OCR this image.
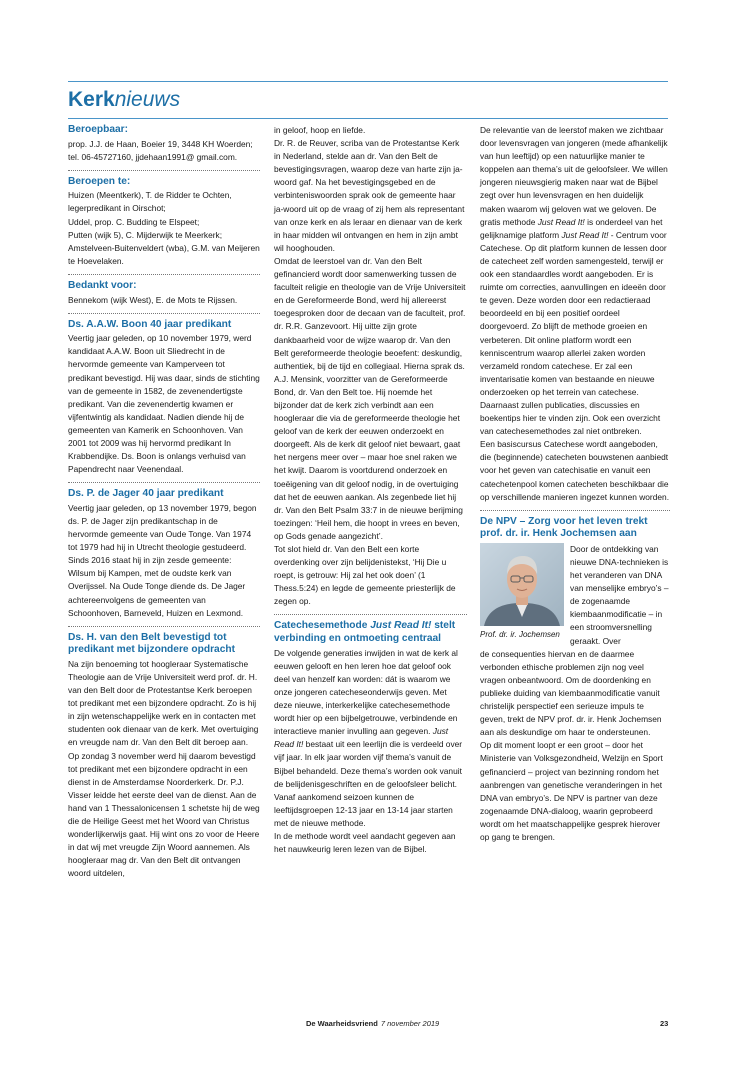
Kerknieuws
Beroepbaar:

prop. J.J. de Haan, Boeier 19, 3448 KH Woerden; tel. 06-45727160, jjdehaan1991@ gmail.com.

Beroepen te:

Huizen (Meentkerk), T. de Ridder te Ochten, legerpredikant in Oirschot;

Uddel, prop. C. Budding te Elspeet;

Putten (wijk 5), C. Mijderwijk te Meerkerk;

Amstelveen-Buitenveldert (wba), G.M. van Meijeren te Hoevelaken.

Bedankt voor:

Bennekom (wijk West), E. de Mots te Rijssen.

Ds. A.A.W. Boon 40 jaar predikant

Veertig jaar geleden, op 10 november 1979, werd kandidaat A.A.W. Boon uit Sliedrecht in de hervormde gemeente van Kamperveen tot predikant bevestigd. Hij was daar, sinds de stichting van de gemeente in 1582, de zevenendertigste predikant. Van die zevenendertig kwamen er vijfentwintig als kandidaat. Nadien diende hij de gemeenten van Kamerik en Schoonhoven. Van 2001 tot 2009 was hij hervormd predikant In Krabbendijke. Ds. Boon is onlangs verhuisd van Papendrecht naar Veenendaal.

Ds. P. de Jager 40 jaar predikant

Veertig jaar geleden, op 13 november 1979, begon ds. P. de Jager zijn predikantschap in de hervormde gemeente van Oude Tonge. Van 1974 tot 1979 had hij in Utrecht theologie gestudeerd. Sinds 2016 staat hij in zijn zesde gemeente: Wilsum bij Kampen, met de oudste kerk van Overijssel. Na Oude Tonge diende ds. De Jager achtereenvolgens de gemeenten van Schoonhoven, Barneveld, Huizen en Lexmond.

Ds. H. van den Belt bevestigd tot predikant met bijzondere opdracht

Na zijn benoeming tot hoogleraar Systematische Theologie aan de Vrije Universiteit werd prof. dr. H. van den Belt door de Protestantse Kerk beroepen tot predikant met een bijzondere opdracht. Zo is hij in zijn wetenschappelijke werk en in contacten met studenten ook dienaar van de kerk. Met overtuiging en vreugde nam dr. Van den Belt dit beroep aan. Op zondag 3 november werd hij daarom bevestigd tot predikant met een bijzondere opdracht in een dienst in de Amsterdamse Noorderkerk. Dr. P.J. Visser leidde het eerste deel van de dienst. Aan de hand van 1 Thessalonicensen 1 schetste hij de weg die de Heilige Geest met het Woord van Christus wonderlijkerwijs gaat. Hij wint ons zo voor de Heere in dat wij met vreugde Zijn Woord aannemen. Als hoogleraar mag dr. Van den Belt dit ontvangen woord uitdelen,

in geloof, hoop en liefde.
Dr. R. de Reuver, scriba van de Protestantse Kerk in Nederland, stelde aan dr. Van den Belt de bevestigingsvragen, waarop deze van harte zijn ja-woord gaf. Na het bevestigingsgebed en de verbinteniswoorden sprak ook de gemeente haar ja-woord uit op de vraag of zij hem als representant van onze kerk en als leraar en dienaar van de kerk in haar midden wil ontvangen en hem in zijn ambt wil hooghouden.
Omdat de leerstoel van dr. Van den Belt gefinancierd wordt door samenwerking tussen de faculteit religie en theologie van de Vrije Universiteit en de Gereformeerde Bond, werd hij allereerst toegesproken door de decaan van de faculteit, prof. dr. R.R. Ganzevoort. Hij uitte zijn grote dankbaarheid voor de wijze waarop dr. Van den Belt gereformeerde theologie beoefent: deskundig, authentiek, bij de tijd en collegiaal. Hierna sprak ds. A.J. Mensink, voorzitter van de Gereformeerde Bond, dr. Van den Belt toe. Hij noemde het bijzonder dat de kerk zich verbindt aan een hoogleraar die via de gereformeerde theologie het geloof van de kerk der eeuwen onderzoekt en doorgeeft. Als de kerk dit geloof niet bewaart, gaat het nergens meer over – maar hoe snel raken we het kwijt. Daarom is voortdurend onderzoek en toeëigening van dit geloof nodig, in de overtuiging dat het de eeuwen aankan. Als zegenbede liet hij dr. Van den Belt Psalm 33:7 in de nieuwe berijming toezingen: ‘Heil hem, die hoopt in vrees en beven, op Gods genade aangezicht’.
Tot slot hield dr. Van den Belt een korte overdenking over zijn belijdenistekst, ‘Hij Die u roept, is getrouw: Hij zal het ook doen’ (1 Thess.5:24) en legde de gemeente priesterlijk de zegen op.

Catechesemethode Just Read It! stelt verbinding en ontmoeting centraal

De volgende generaties inwijden in wat de kerk al eeuwen gelooft en hen leren hoe dat geloof ook deel van henzelf kan worden: dát is waarom we onze jongeren catecheseonderwijs geven. Met deze nieuwe, interkerkelijke catechesemethode wordt hier op een bijbelgetrouwe, verbindende en interactieve manier invulling aan gegeven. Just Read It! bestaat uit een leerlijn die is verdeeld over vijf jaar. In elk jaar worden vijf thema’s vanuit de Bijbel behandeld. Deze thema’s worden ook vanuit de belijdenisgeschriften en de geloofsleer belicht. Vanaf aankomend seizoen kunnen de leeftijdsgroepen 12-13 jaar en 13-14 jaar starten met de nieuwe methode.
In de methode wordt veel aandacht gegeven aan het nauwkeurig leren lezen van de Bijbel.

De relevantie van de leerstof maken we zichtbaar door levensvragen van jongeren (mede afhankelijk van hun leeftijd) op een natuurlijke manier te koppelen aan thema’s uit de geloofsleer. We willen jongeren nieuwsgierig maken naar wat de Bijbel zegt over hun levensvragen en hen duidelijk maken waarom wij geloven wat we geloven. De gratis methode Just Read It! is onderdeel van het gelijknamige platform Just Read It! - Centrum voor Catechese. Op dit platform kunnen de lessen door de catecheet zelf worden samengesteld, terwijl er ook een standaardles wordt aangeboden. Er is ruimte om correcties, aanvullingen en ideeën door te geven. Deze worden door een redactieraad beoordeeld en bij een positief oordeel doorgevoerd. Zo blijft de methode groeien en verbeteren. Dit online platform wordt een kenniscentrum waarop allerlei zaken worden verzameld rondom catechese. Er zal een inventarisatie komen van bestaande en nieuwe onderzoeken op het terrein van catechese. Daarnaast zullen publicaties, discussies en boekentips hier te vinden zijn. Ook een overzicht van catechesemethodes zal niet ontbreken.
Een basiscursus Catechese wordt aangeboden, die (beginnende) catecheten bouwstenen aanbiedt voor het geven van catechisatie en vanuit een catechetenpool komen catecheten beschikbaar die op verschillende manieren ingezet kunnen worden.

De NPV – Zorg voor het leven trekt prof. dr. ir. Henk Jochemsen aan
Prof. dr. ir. Jochemsen

Door de ontdekking van nieuwe DNA-technieken is het veranderen van DNA van menselijke embryo’s – de zogenaamde kiembaanmodificatie – in een stroomversnelling geraakt. Over

de consequenties hiervan en de daarmee verbonden ethische problemen zijn nog veel vragen onbeantwoord. Om de doordenking en publieke duiding van kiembaanmodificatie vanuit christelijk perspectief een serieuze impuls te geven, trekt de NPV prof. dr. ir. Henk Jochemsen aan als deskundige om haar te ondersteunen.
Op dit moment loopt er een groot – door het Ministerie van Volksgezondheid, Welzijn en Sport gefinancierd – project van bezinning rondom het aanbrengen van genetische veranderingen in het DNA van embryo’s. De NPV is partner van deze zogenaamde DNA-dialoog, waarin geprobeerd wordt om het maatschappelijke gesprek hierover op gang te brengen.

De Waarheidsvriend 7 november 2019	23
